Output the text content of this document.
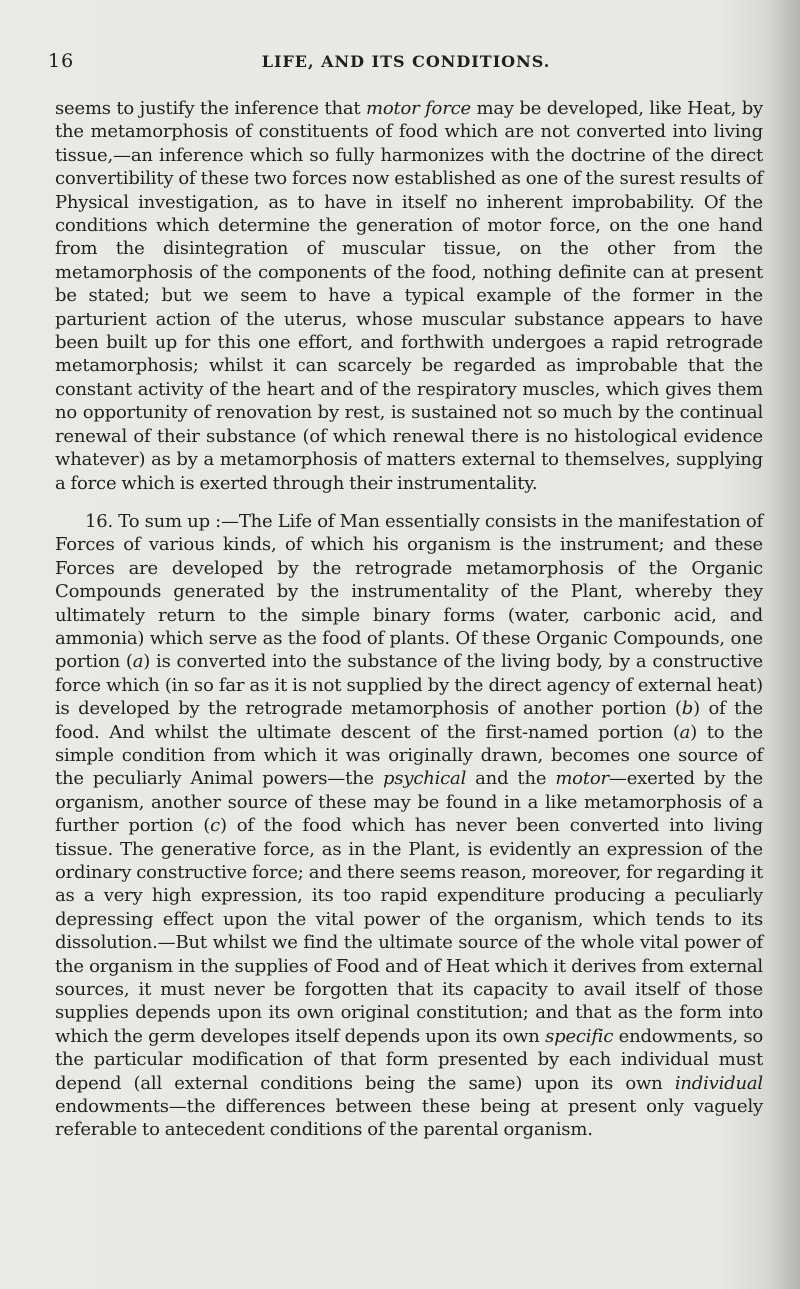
16	LIFE, AND ITS CONDITIONS.

seems to justify the inference that motor force may be developed, like Heat, by the metamorphosis of constituents of food which are not converted into living tissue,—an inference which so fully harmonizes with the doctrine of the direct convertibility of these two forces now established as one of the surest results of Physical investigation, as to have in itself no inherent improbability. Of the conditions which determine the generation of motor force, on the one hand from the disintegration of muscular tissue, on the other from the metamorphosis of the components of the food, nothing definite can at present be stated; but we seem to have a typical example of the former in the parturient action of the uterus, whose muscular substance appears to have been built up for this one effort, and forthwith undergoes a rapid retrograde metamorphosis; whilst it can scarcely be regarded as improbable that the constant activity of the heart and of the respiratory muscles, which gives them no opportunity of renovation by rest, is sustained not so much by the continual renewal of their substance (of which renewal there is no histological evidence whatever) as by a metamorphosis of matters external to themselves, supplying a force which is exerted through their instrumentality.

16. To sum up :—The Life of Man essentially consists in the manifestation of Forces of various kinds, of which his organism is the instrument; and these Forces are developed by the retrograde metamorphosis of the Organic Compounds generated by the instrumentality of the Plant, whereby they ultimately return to the simple binary forms (water, carbonic acid, and ammonia) which serve as the food of plants. Of these Organic Compounds, one portion (a) is converted into the substance of the living body, by a constructive force which (in so far as it is not supplied by the direct agency of external heat) is developed by the retrograde metamorphosis of another portion (b) of the food. And whilst the ultimate descent of the first-named portion (a) to the simple condition from which it was originally drawn, becomes one source of the peculiarly Animal powers—the psychical and the motor—exerted by the organism, another source of these may be found in a like metamorphosis of a further portion (c) of the food which has never been converted into living tissue. The generative force, as in the Plant, is evidently an expression of the ordinary constructive force; and there seems reason, moreover, for regarding it as a very high expression, its too rapid expenditure producing a peculiarly depressing effect upon the vital power of the organism, which tends to its dissolution.—But whilst we find the ultimate source of the whole vital power of the organism in the supplies of Food and of Heat which it derives from external sources, it must never be forgotten that its capacity to avail itself of those supplies depends upon its own original constitution; and that as the form into which the germ developes itself depends upon its own specific endowments, so the particular modification of that form presented by each individual must depend (all external conditions being the same) upon its own individual endowments—the differences between these being at present only vaguely referable to antecedent conditions of the parental organism.
